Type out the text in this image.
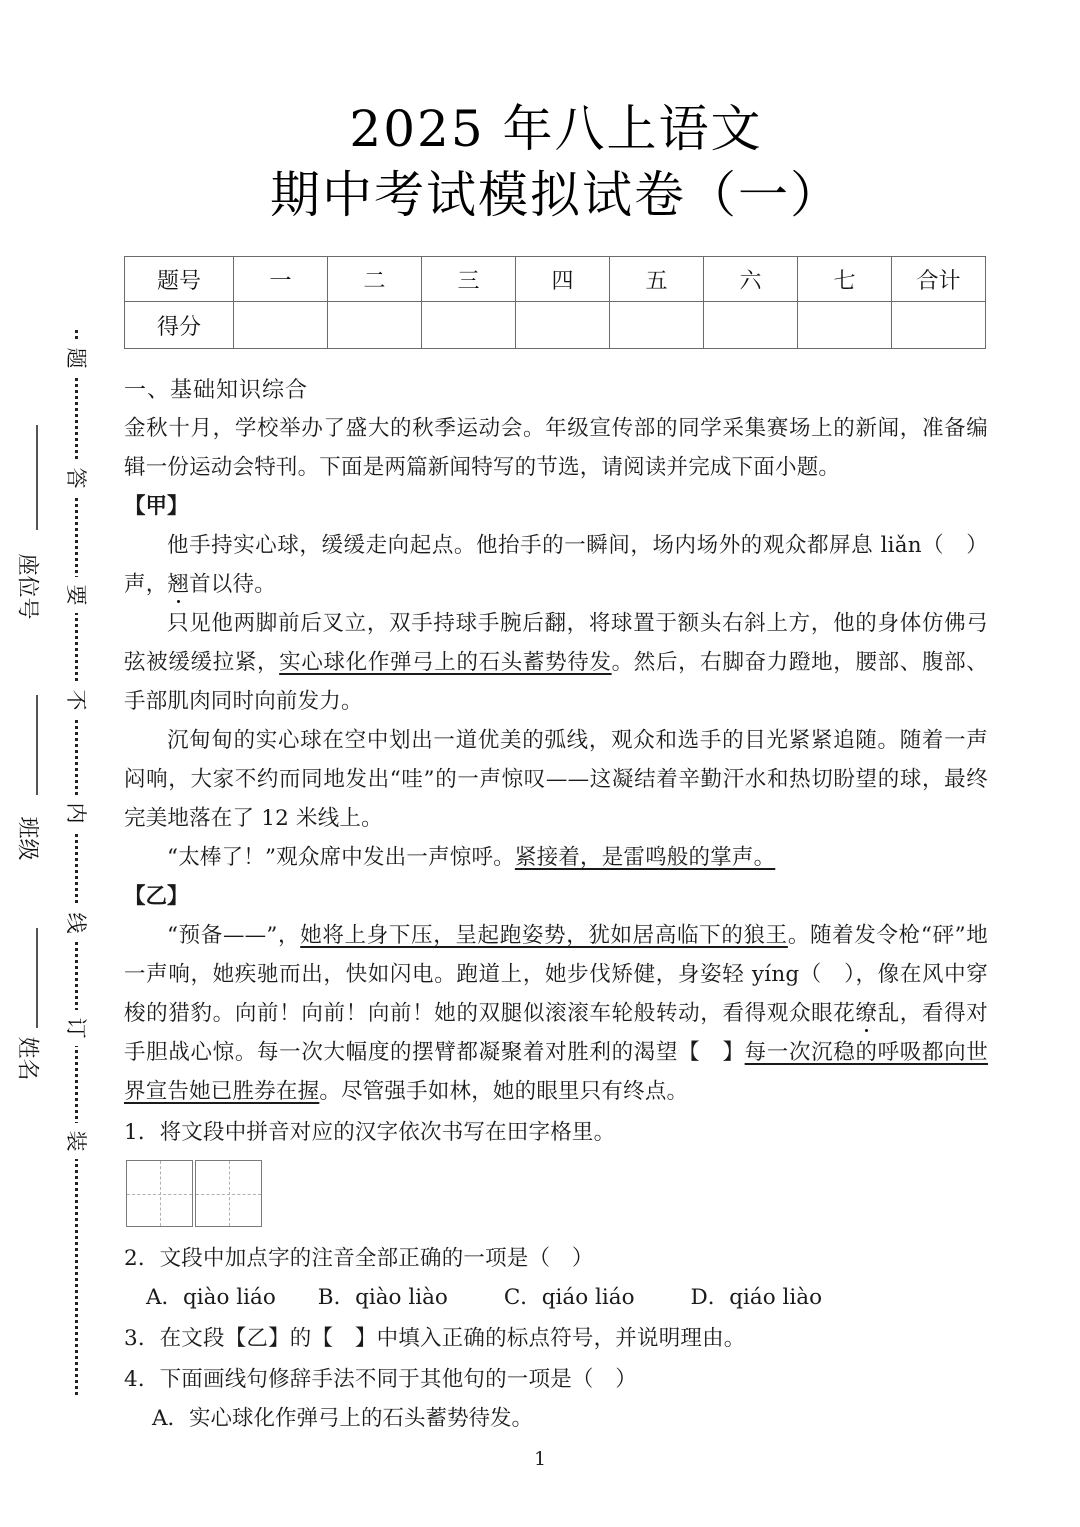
题
答
要
不
内
线
订
装
座位号
班级
姓名
2025 年八上语文
期中考试模拟试卷（一）
题号	一	二	三	四	五	六	七	合计
得分								
一、基础知识综合
金秋十月，学校举办了盛大的秋季运动会。年级宣传部的同学采集赛场上的新闻，准备编辑一份运动会特刊。下面是两篇新闻特写的节选，请阅读并完成下面小题。
【甲】
他手持实心球，缓缓走向起点。他抬手的一瞬间，场内场外的观众都屏息 liǎn（　）声，翘首以待。
只见他两脚前后叉立，双手持球手腕后翻，将球置于额头右斜上方，他的身体仿佛弓弦被缓缓拉紧，实心球化作弹弓上的石头蓄势待发。然后，右脚奋力蹬地，腰部、腹部、手部肌肉同时向前发力。
沉甸甸的实心球在空中划出一道优美的弧线，观众和选手的目光紧紧追随。随着一声闷响，大家不约而同地发出“哇”的一声惊叹——这凝结着辛勤汗水和热切盼望的球，最终完美地落在了 12 米线上。
“太棒了！”观众席中发出一声惊呼。紧接着，是雷鸣般的掌声。
【乙】
“预备——”，她将上身下压，呈起跑姿势，犹如居高临下的狼王。随着发令枪“砰”地一声响，她疾驰而出，快如闪电。跑道上，她步伐矫健，身姿轻 yíng（　），像在风中穿梭的猎豹。向前！向前！向前！她的双腿似滚滚车轮般转动，看得观众眼花缭乱，看得对手胆战心惊。每一次大幅度的摆臂都凝聚着对胜利的渴望【　】每一次沉稳的呼吸都向世界宣告她已胜券在握。尽管强手如林，她的眼里只有终点。
1．将文段中拼音对应的汉字依次书写在田字格里。
2．文段中加点字的注音全部正确的一项是（　）
A．qiào liáo B．qiào liào	C．qiáo liáo	D．qiáo liào
3．在文段【乙】的【　】中填入正确的标点符号，并说明理由。
4．下面画线句修辞手法不同于其他句的一项是（　）
A．实心球化作弹弓上的石头蓄势待发。
1
